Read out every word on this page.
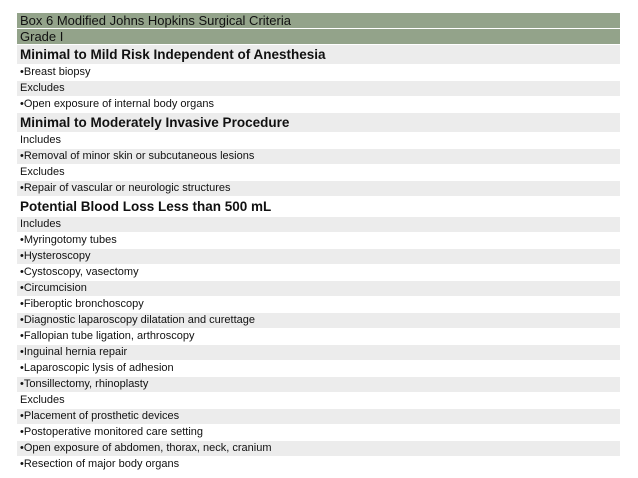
Box 6 Modified Johns Hopkins Surgical Criteria
Grade I
Minimal to Mild Risk Independent of Anesthesia
•Breast biopsy
Excludes
•Open exposure of internal body organs
Minimal to Moderately Invasive Procedure
Includes
•Removal of minor skin or subcutaneous lesions
Excludes
•Repair of vascular or neurologic structures
Potential Blood Loss Less than 500 mL
Includes
•Myringotomy tubes
•Hysteroscopy
•Cystoscopy, vasectomy
•Circumcision
•Fiberoptic bronchoscopy
•Diagnostic laparoscopy dilatation and curettage
•Fallopian tube ligation, arthroscopy
•Inguinal hernia repair
•Laparoscopic lysis of adhesion
•Tonsillectomy, rhinoplasty
Excludes
•Placement of prosthetic devices
•Postoperative monitored care setting
•Open exposure of abdomen, thorax, neck, cranium
•Resection of major body organs
